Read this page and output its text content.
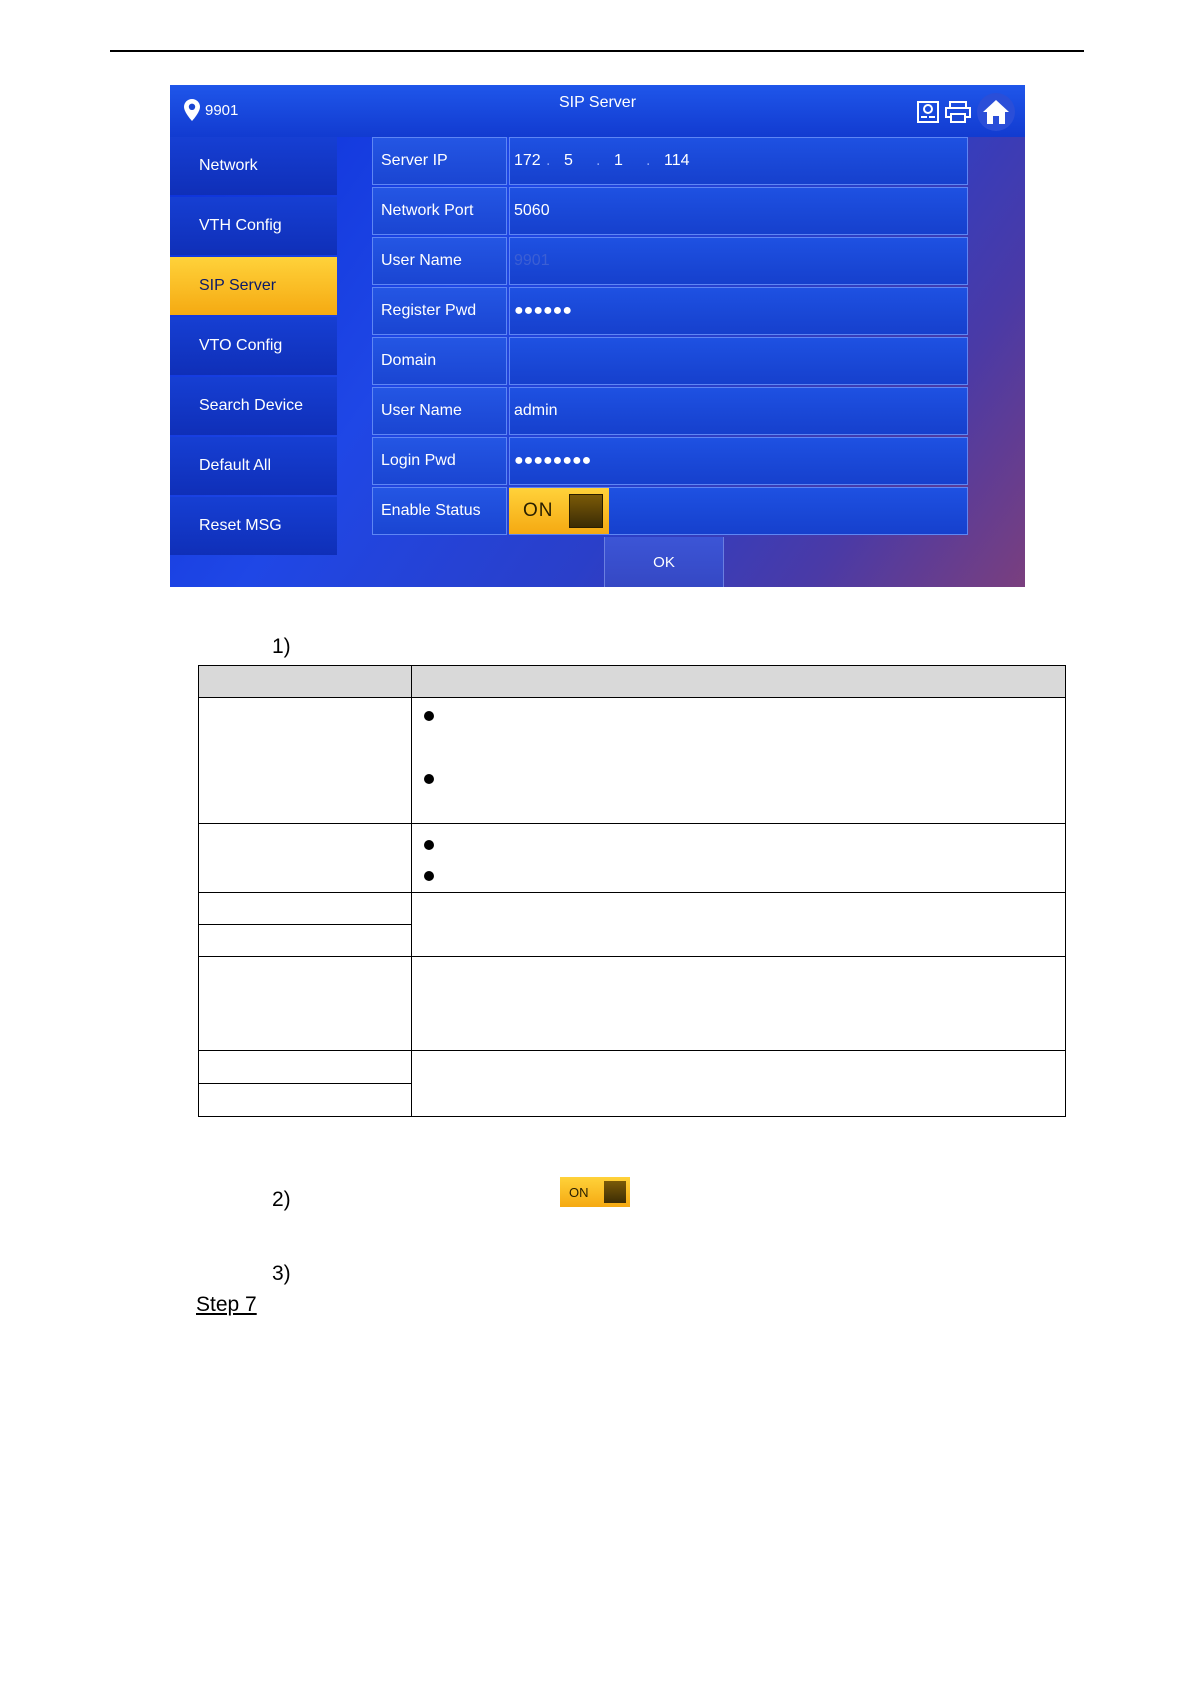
9901	SIP Server
Network
VTH Config
SIP Server
VTO Config
Search Device
Default All
Reset MSG
Server IP	172 . 5	. 1	. 114
Network Port	5060
User Name	9901
Register Pwd	●●●●●●
Domain
User Name	admin
Login Pwd	●●●●●●●●
Enable Status	ON
OK
1)

2)	ON
3)
Step 7
